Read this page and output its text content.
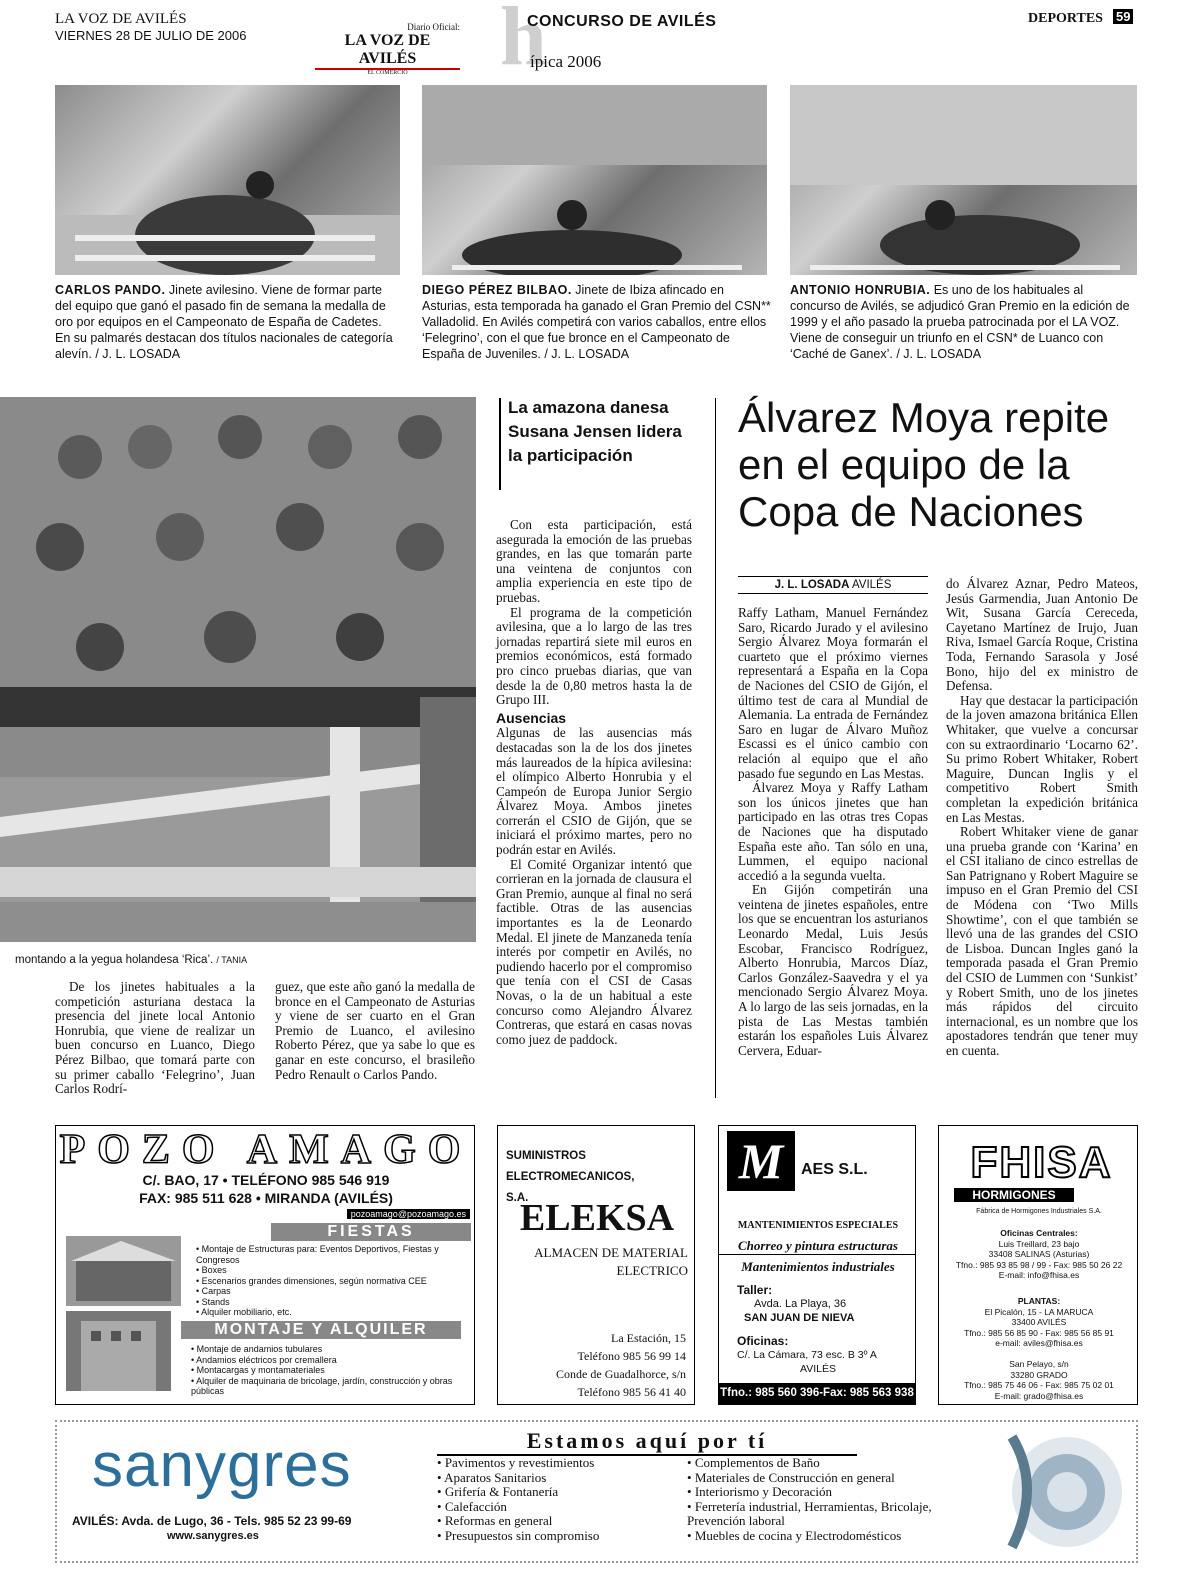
LA VOZ DE AVILÉS
VIERNES 28 DE JULIO DE 2006
Diario Oficial:
LA VOZ DE AVILÉS
EL COMERCIO	h
CONCURSO DE AVILÉS
ípica 2006
DEPORTES 59
CARLOS PANDO. Jinete avilesino. Viene de formar parte del equipo que ganó el pasado fin de semana la medalla de oro por equipos en el Campeonato de España de Cadetes. En su palmarés destacan dos títulos nacionales de categoría alevín. / J. L. LOSADA
DIEGO PÉREZ BILBAO. Jinete de Ibiza afincado en Asturias, esta temporada ha ganado el Gran Premio del CSN** Valladolid. En Avilés competirá con varios caballos, entre ellos ‘Felegrino’, con el que fue bronce en el Campeonato de España de Juveniles. / J. L. LOSADA
ANTONIO HONRUBIA. Es uno de los habituales al concurso de Avilés, se adjudicó Gran Premio en la edición de 1999 y el año pasado la prueba patrocinada por el LA VOZ. Viene de conseguir un triunfo en el CSN* de Luanco con ‘Caché de Ganex’. / J. L. LOSADA
montando a la yegua holandesa ‘Rica’. / TANIA

De los jinetes habituales a la competición asturiana destaca la presencia del jinete local Antonio Honrubia, que viene de realizar un buen concurso en Luanco, Diego Pérez Bilbao, que tomará parte con su primer caballo ‘Felegrino’, Juan Carlos Rodrí-

guez, que este año ganó la medalla de bronce en el Campeonato de Asturias y viene de ser cuarto en el Gran Premio de Luanco, el avilesino Roberto Pérez, que ya sabe lo que es ganar en este concurso, el brasileño Pedro Renault o Carlos Pando.

La amazona danesa Susana Jensen lidera la participación

Con esta participación, está asegurada la emoción de las pruebas grandes, en las que tomarán parte una veintena de conjuntos con amplia experiencia en este tipo de pruebas.

El programa de la competición avilesina, que a lo largo de las tres jornadas repartirá siete mil euros en premios económicos, está formado pro cinco pruebas diarias, que van desde la de 0,80 metros hasta la de Grupo III.

Ausencias

Algunas de las ausencias más destacadas son la de los dos jinetes más laureados de la hípica avilesina: el olímpico Alberto Honrubia y el Campeón de Europa Junior Sergio Álvarez Moya. Ambos jinetes correrán el CSIO de Gijón, que se iniciará el próximo martes, pero no podrán estar en Avilés.

El Comité Organizar intentó que corrieran en la jornada de clausura el Gran Premio, aunque al final no será factible. Otras de las ausencias importantes es la de Leonardo Medal. El jinete de Manzaneda tenía interés por competir en Avilés, no pudiendo hacerlo por el compromiso que tenía con el CSI de Casas Novas, o la de un habitual a este concurso como Alejandro Álvarez Contreras, que estará en casas novas como juez de paddock.

Álvarez Moya repite en el equipo de la Copa de Naciones
J. L. LOSADA AVILÉS

Raffy Latham, Manuel Fernández Saro, Ricardo Jurado y el avilesino Sergio Álvarez Moya formarán el cuarteto que el próximo viernes representará a España en la Copa de Naciones del CSIO de Gijón, el último test de cara al Mundial de Alemania. La entrada de Fernández Saro en lugar de Álvaro Muñoz Escassi es el único cambio con relación al equipo que el año pasado fue segundo en Las Mestas.

Álvarez Moya y Raffy Latham son los únicos jinetes que han participado en las otras tres Copas de Naciones que ha disputado España este año. Tan sólo en una, Lummen, el equipo nacional accedió a la segunda vuelta.

En Gijón competirán una veintena de jinetes españoles, entre los que se encuentran los asturianos Leonardo Medal, Luis Jesús Escobar, Francisco Rodríguez, Alberto Honrubia, Marcos Díaz, Carlos González-Saavedra y el ya mencionado Sergio Álvarez Moya. A lo largo de las seis jornadas, en la pista de Las Mestas también estarán los españoles Luis Álvarez Cervera, Eduar-

do Álvarez Aznar, Pedro Mateos, Jesús Garmendia, Juan Antonio De Wit, Susana García Cereceda, Cayetano Martínez de Irujo, Juan Riva, Ismael García Roque, Cristina Toda, Fernando Sarasola y José Bono, hijo del ex ministro de Defensa.

Hay que destacar la participación de la joven amazona británica Ellen Whitaker, que vuelve a concursar con su extraordinario ‘Locarno 62’. Su primo Robert Whitaker, Robert Maguire, Duncan Inglis y el competitivo Robert Smith completan la expedición británica en Las Mestas.

Robert Whitaker viene de ganar una prueba grande con ‘Karina’ en el CSI italiano de cinco estrellas de San Patrignano y Robert Maguire se impuso en el Gran Premio del CSI de Módena con ‘Two Mills Showtime’, con el que también se llevó una de las grandes del CSIO de Lisboa. Duncan Ingles ganó la temporada pasada el Gran Premio del CSIO de Lummen con ‘Sunkist’ y Robert Smith, uno de los jinetes más rápidos del circuito internacional, es un nombre que los apostadores tendrán que tener muy en cuenta.

POZO AMAGO
C/. BAO, 17 • TELÉFONO 985 546 919
FAX: 985 511 628 • MIRANDA (AVILÉS)
pozoamago@pozoamago.es
FIESTAS
• Montaje de Estructuras para: Eventos Deportivos, Fiestas y Congresos
• Boxes
• Escenarios grandes dimensiones, según normativa CEE
• Carpas
• Stands
• Alquiler mobiliario, etc.
MONTAJE Y ALQUILER
• Montaje de andamios tubulares
• Andamios eléctricos por cremallera
• Montacargas y montamateriales
• Alquiler de maquinaria de bricolage, jardín, construcción y obras públicas
SUMINISTROS ELECTROMECANICOS, S.A.
ELEKSA
ALMACEN DE MATERIAL ELECTRICO
La Estación, 15
Teléfono 985 56 99 14
Conde de Guadalhorce, s/n
Teléfono 985 56 41 40
M	AES S.L.
MANTENIMIENTOS ESPECIALES
Chorreo y pintura estructuras
Mantenimientos industriales
Taller:
Avda. La Playa, 36
SAN JUAN DE NIEVA
Oficinas:
C/. La Cámara, 73 esc. B 3º A
AVILÉS
Tfno.: 985 560 396-Fax: 985 563 938
FHISA
HORMIGONES
Fábrica de Hormigones Industriales S.A.
Oficinas Centrales:
Luis Treillard, 23 bajo
33408 SALINAS (Asturias)
Tfno.: 985 93 85 98 / 99 - Fax: 985 50 26 22
E-mail: info@fhisa.es
PLANTAS:
El Picalón, 15 - LA MARUCA
33400 AVILÉS
Tfno.: 985 56 85 90 - Fax: 985 56 85 91
e-mail: aviles@fhisa.es
San Pelayo, s/n
33280 GRADO
Tfno.: 985 75 46 06 - Fax: 985 75 02 01
E-mail: grado@fhisa.es
sanygres
AVILÉS: Avda. de Lugo, 36 - Tels. 985 52 23 99-69
www.sanygres.es
Estamos aquí por tí
• Pavimentos y revestimientos
• Aparatos Sanitarios
• Grifería & Fontanería
• Calefacción
• Reformas en general
• Presupuestos sin compromiso
• Complementos de Baño
• Materiales de Construcción en general
• Interiorismo y Decoración
• Ferretería industrial, Herramientas, Bricolaje, Prevención laboral
• Muebles de cocina y Electrodomésticos
